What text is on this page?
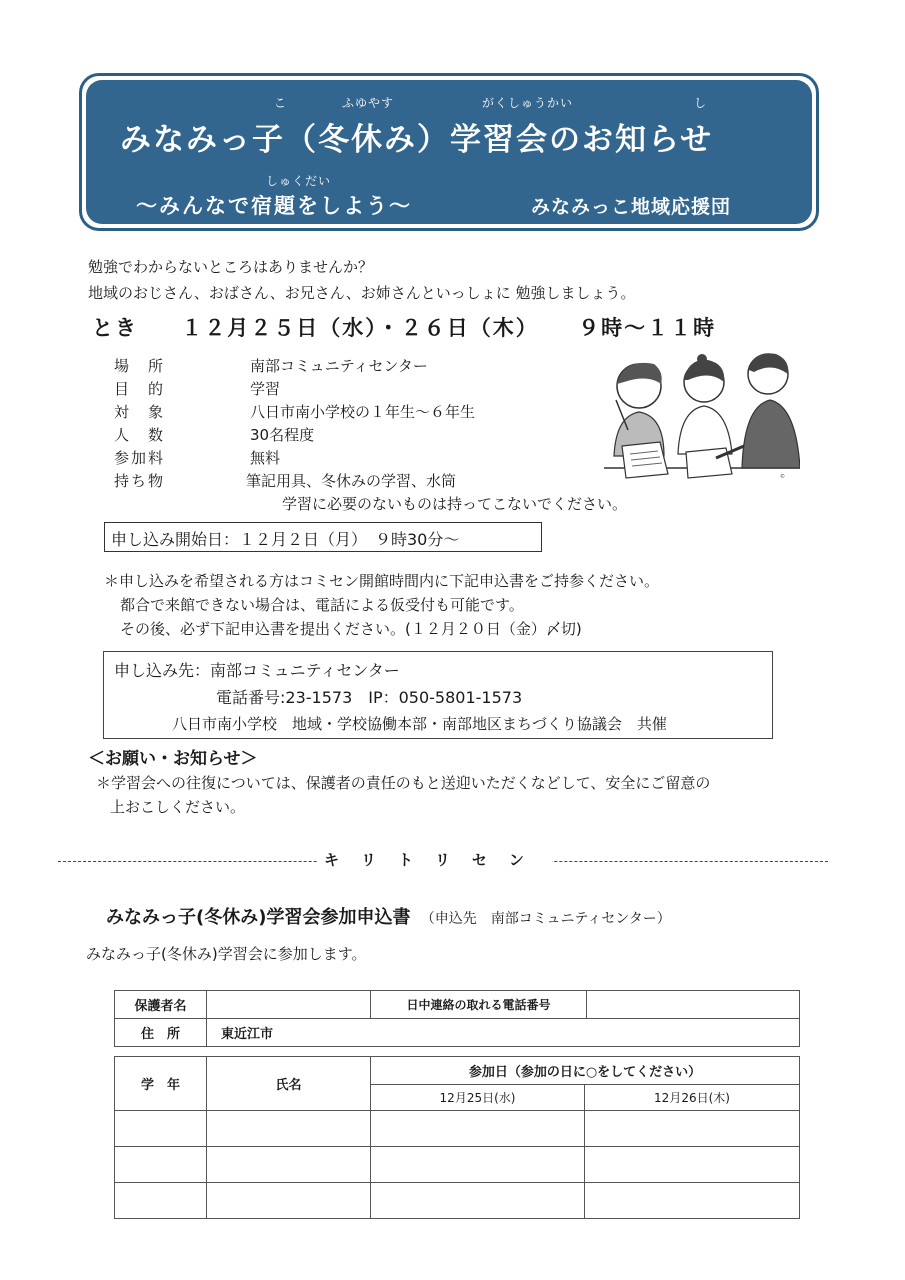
こ	ふゆやす	がくしゅうかい	し
みなみっ子（冬休み）学習会のお知らせ
しゅくだい
～みんなで宿題をしよう～	みなみっこ地域応援団
勉強でわからないところはありませんか？
地域のおじさん、おばさん、お兄さん、お姉さんといっしょに 勉強しましょう。
とき １２月２５日（水）・２６日（木） ９時～１１時
場　所	南部コミュニティセンター
目　的	学習
対　象	八日市南小学校の１年生～６年生
人　数	30名程度
参加料	無料
持ち物	筆記用具、冬休みの学習、水筒
学習に必要のないものは持ってこないでください。
©
申し込み開始日：１２月２日（月）　９時30分～
＊申し込みを希望される方はコミセン開館時間内に下記申込書をご持参ください。
都合で来館できない場合は、電話による仮受付も可能です。
その後、必ず下記申込書を提出ください。(１２月２０日（金）〆切)
申し込み先：南部コミュニティセンター
電話番号:23-1573　IP：050-5801-1573
八日市南小学校　地域・学校協働本部・南部地区まちづくり協議会　共催
＜お願い・お知らせ＞
＊学習会への往復については、保護者の責任のもと送迎いただくなどして、安全にご留意の
上おこしください。
キリトリセン
みなみっ子(冬休み)学習会参加申込書 （申込先　南部コミュニティセンター）
みなみっ子(冬休み)学習会に参加します。
保護者名		日中連絡の取れる電話番号	
住　所	東近江市		
学　年	氏名	参加日（参加の日に○をしてください）	
		12月25日(水)	12月26日(木)
